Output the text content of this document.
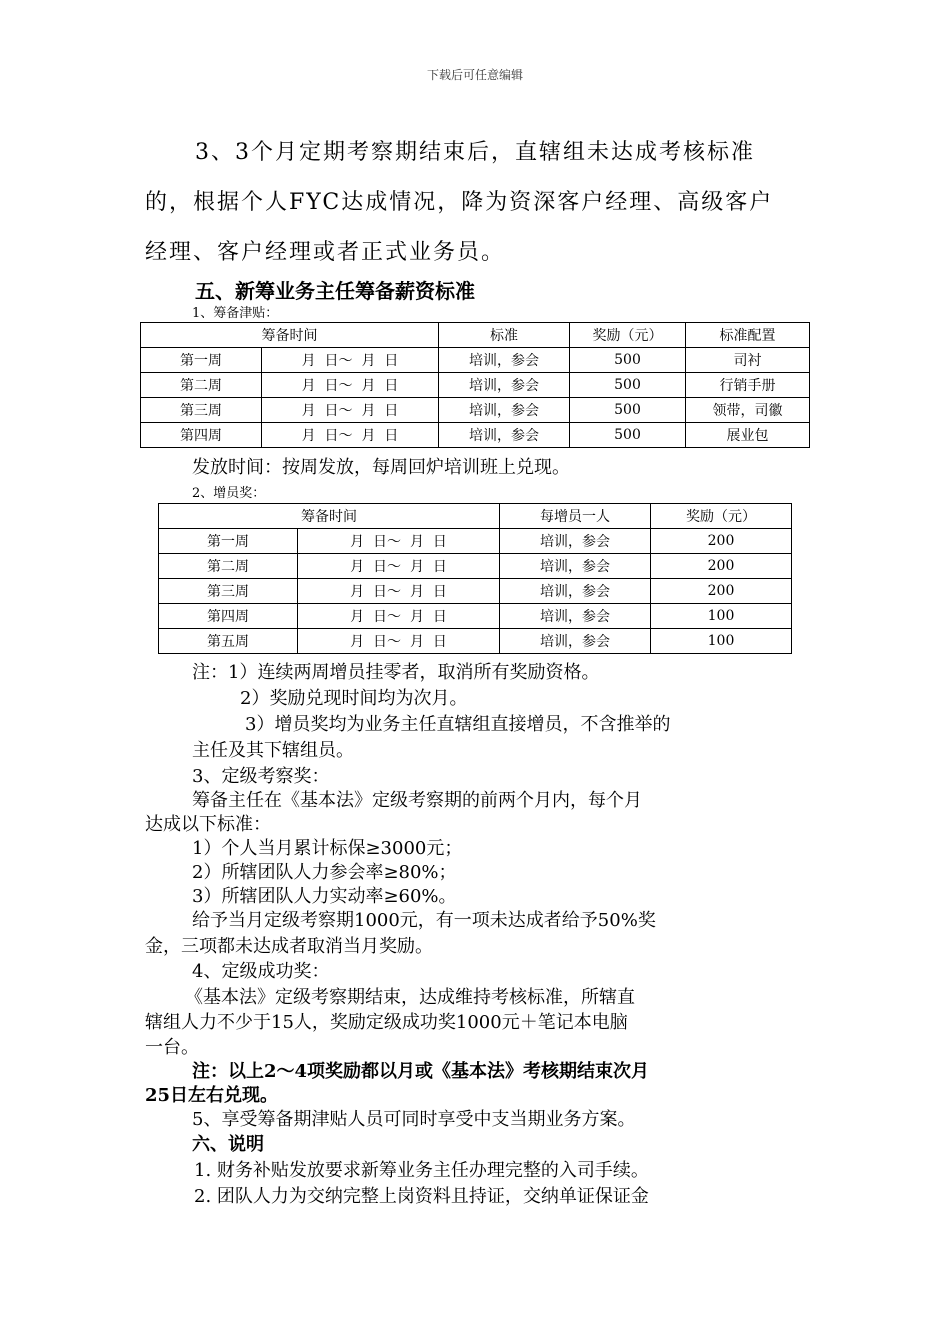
下载后可任意编辑
3、3个月定期考察期结束后，直辖组未达成考核标准
的，根据个人FYC达成情况，降为资深客户经理、高级客户
经理、客户经理或者正式业务员。
五、新筹业务主任筹备薪资标准
1、筹备津贴：
筹备时间		标准	奖励（元）	标准配置
第一周	月  日～  月  日	培训，参会	500	司衬
第二周	月  日～  月  日	培训，参会	500	行销手册
第三周	月  日～  月  日	培训，参会	500	领带，司徽
第四周	月  日～  月  日	培训，参会	500	展业包
发放时间：按周发放，每周回炉培训班上兑现。
2、增员奖：
筹备时间		每增员一人	奖励（元）
第一周	月  日～  月  日	培训，参会	200
第二周	月  日～  月  日	培训，参会	200
第三周	月  日～  月  日	培训，参会	200
第四周	月  日～  月  日	培训，参会	100
第五周	月  日～  月  日	培训，参会	100
注：1）连续两周增员挂零者，取消所有奖励资格。
2）奖励兑现时间均为次月。
3）增员奖均为业务主任直辖组直接增员，不含推举的
主任及其下辖组员。
3、定级考察奖：
筹备主任在《基本法》定级考察期的前两个月内，每个月
达成以下标准：
1）个人当月累计标保≥3000元；
2）所辖团队人力参会率≥80%；
3）所辖团队人力实动率≥60%。
给予当月定级考察期1000元，有一项未达成者给予50%奖
金，三项都未达成者取消当月奖励。
4、定级成功奖：
《基本法》定级考察期结束，达成维持考核标准，所辖直
辖组人力不少于15人，奖励定级成功奖1000元＋笔记本电脑
一台。
注：以上2～4项奖励都以月或《基本法》考核期结束次月
25日左右兑现。
5、享受筹备期津贴人员可同时享受中支当期业务方案。
六、说明
1. 财务补贴发放要求新筹业务主任办理完整的入司手续。
2. 团队人力为交纳完整上岗资料且持证，交纳单证保证金
